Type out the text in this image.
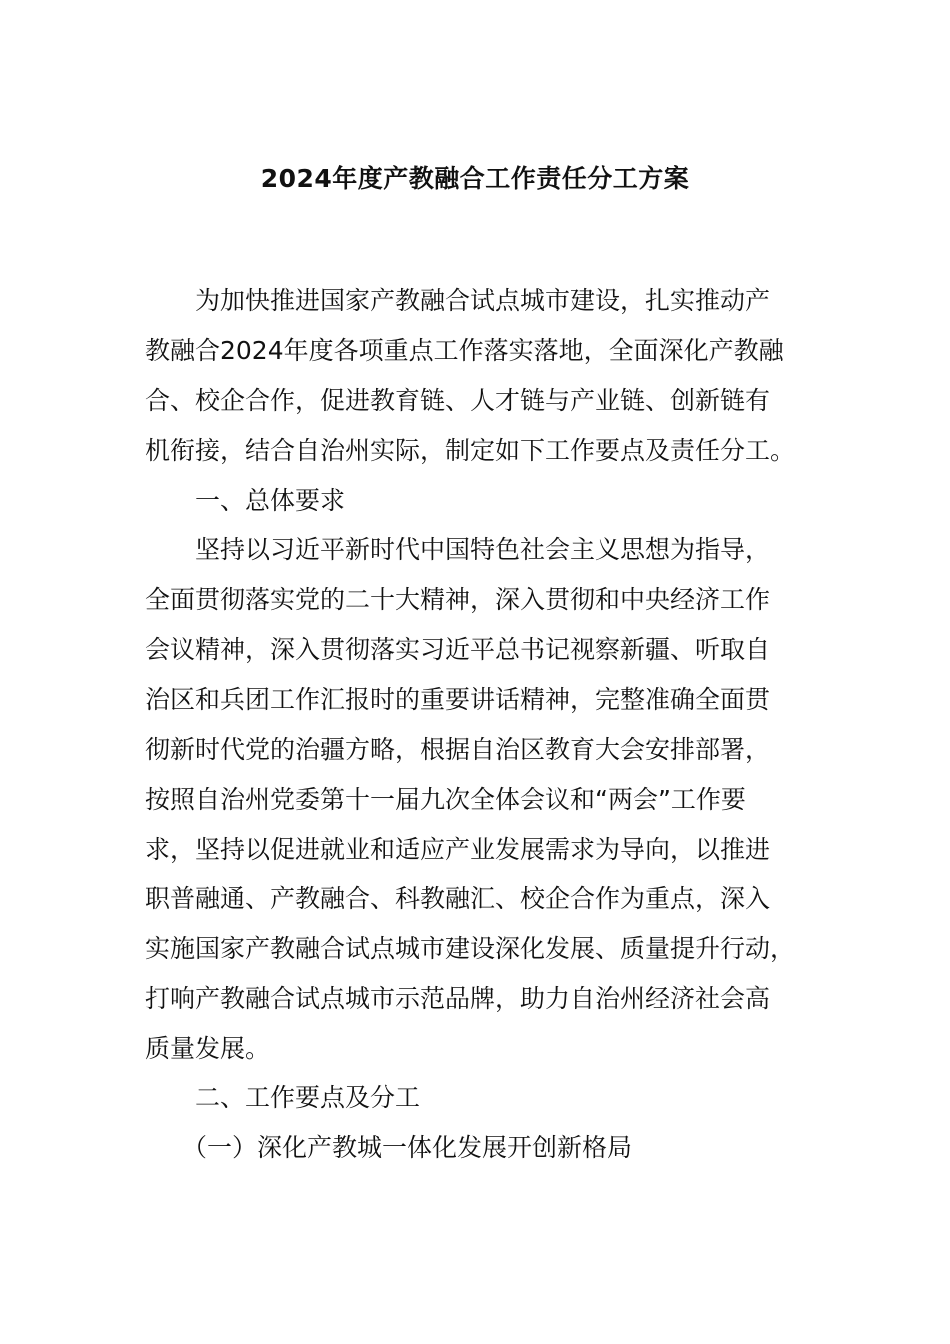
2024年度产教融合工作责任分工方案
为加快推进国家产教融合试点城市建设，扎实推动产
教融合2024年度各项重点工作落实落地，全面深化产教融
合、校企合作，促进教育链、人才链与产业链、创新链有
机衔接，结合自治州实际，制定如下工作要点及责任分工。
一、总体要求
坚持以习近平新时代中国特色社会主义思想为指导，
全面贯彻落实党的二十大精神，深入贯彻和中央经济工作
会议精神，深入贯彻落实习近平总书记视察新疆、听取自
治区和兵团工作汇报时的重要讲话精神，完整准确全面贯
彻新时代党的治疆方略，根据自治区教育大会安排部署，
按照自治州党委第十一届九次全体会议和“两会”工作要
求，坚持以促进就业和适应产业发展需求为导向，以推进
职普融通、产教融合、科教融汇、校企合作为重点，深入
实施国家产教融合试点城市建设深化发展、质量提升行动，
打响产教融合试点城市示范品牌，助力自治州经济社会高
质量发展。
二、工作要点及分工
（一）深化产教城一体化发展开创新格局
